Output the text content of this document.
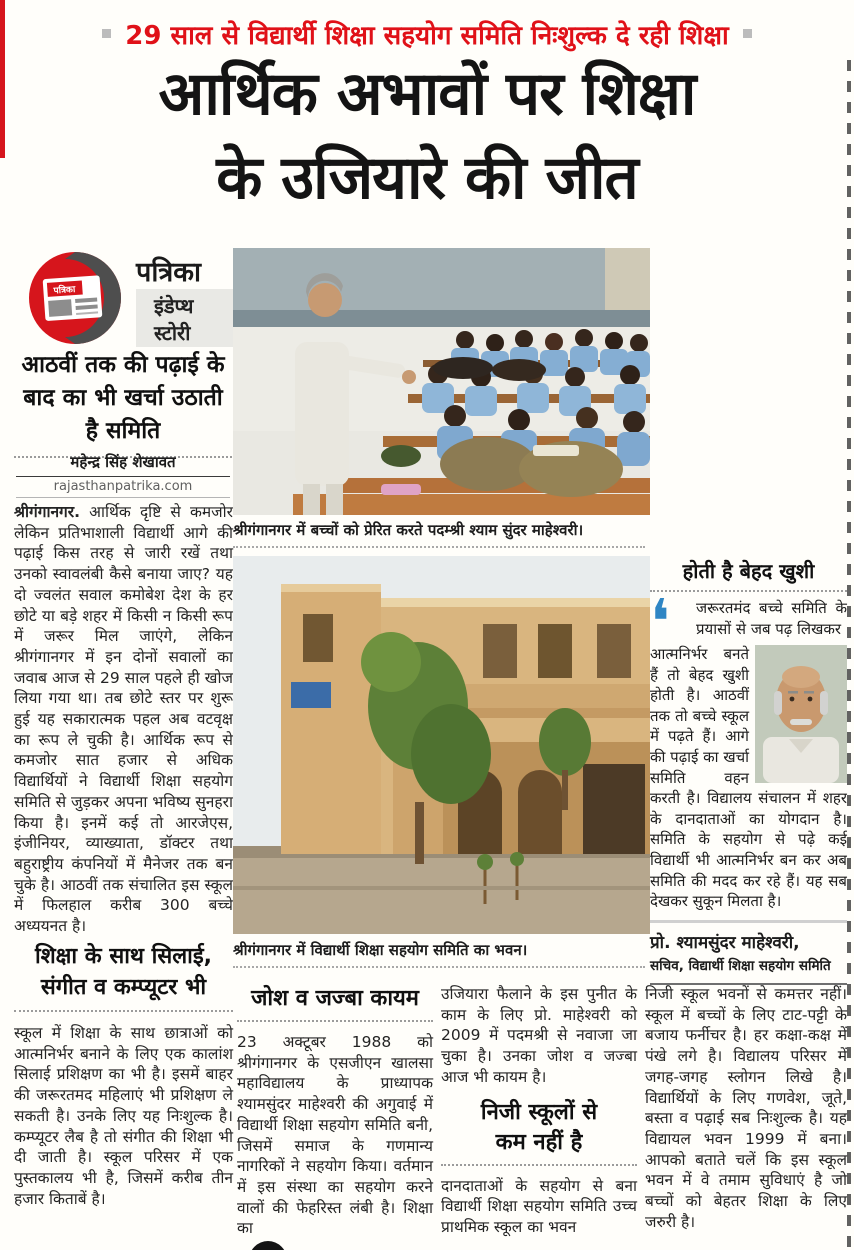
29 साल से विद्यार्थी शिक्षा सहयोग समिति निःशुल्क दे रही शिक्षा
आर्थिक अभावों पर शिक्षा
के उजियारे की जीत
पत्रिका
पत्रिका
इंडेप्थ
स्टोरी
आठवीं तक की पढ़ाई के बाद का भी खर्चा उठाती है समिति
महेन्द्र सिंह शेखावत
rajasthanpatrika.com

श्रीगंगानगर. आर्थिक दृष्टि से कमजोर लेकिन प्रतिभाशाली विद्यार्थी आगे की पढ़ाई किस तरह से जारी रखें तथा उनको स्वावलंबी कैसे बनाया जाए? यह दो ज्वलंत सवाल कमोबेश देश के हर छोटे या बड़े शहर में किसी न किसी रूप में जरूर मिल जाएंगे, लेकिन श्रीगंगानगर में इन दोनों सवालों का जवाब आज से 29 साल पहले ही खोज लिया गया था। तब छोटे स्तर पर शुरू हुई यह सकारात्मक पहल अब वटवृक्ष का रूप ले चुकी है। आर्थिक रूप से कमजोर सात हजार से अधिक विद्यार्थियों ने विद्यार्थी शिक्षा सहयोग समिति से जुड़कर अपना भविष्य सुनहरा किया है। इनमें कई तो आरजेएस, इंजीनियर, व्याख्याता, डॉक्टर तथा बहुराष्ट्रीय कंपनियों में मैनेजर तक बन चुके है। आठवीं तक संचालित इस स्कूल में फिलहाल करीब 300 बच्चे अध्ययनत है।

शिक्षा के साथ सिलाई,
संगीत व कम्प्यूटर भी

स्कूल में शिक्षा के साथ छात्राओं को आत्मनिर्भर बनाने के लिए एक कालांश सिलाई प्रशिक्षण का भी है। इसमें बाहर की जरूरतमद महिलाएं भी प्रशिक्षण ले सकती है। उनके लिए यह निःशुल्क है। कम्प्यूटर लैब है तो संगीत की शिक्षा भी दी जाती है। स्कूल परिसर में एक पुस्तकालय भी है, जिसमें करीब तीन हजार किताबें है।

श्रीगंगानगर में बच्चों को प्रेरित करते पदम्श्री श्याम सुंदर माहेश्वरी।
श्रीगंगानगर में विद्यार्थी शिक्षा सहयोग समिति का भवन।
होती है बेहद खुशी
❛	जरूरतमंद बच्चे समिति के प्रयासों से जब पढ़ लिखकर
आत्मनिर्भर बनते हैं तो बेहद खुशी होती है। आठवीं तक तो बच्चे स्कूल में पढ़ते हैं। आगे की पढ़ाई का खर्चा समिति वहन करती है। विद्यालय संचालन में शहर के दानदाताओं का योगदान है। समिति के सहयोग से पढ़े कई विद्यार्थी भी आत्मनिर्भर बन कर अब समिति की मदद कर रहे हैं। यह सब देखकर सुकून मिलता है।
प्रो. श्यामसुंदर माहेश्वरी,
सचिव, विद्यार्थी शिक्षा सहयोग समिति
जोश व जज्बा कायम

23 अक्टूबर 1988 को श्रीगंगानगर के एसजीएन खालसा महाविद्यालय के प्राध्यापक श्यामसुंदर माहेश्वरी की अगुवाई में विद्यार्थी शिक्षा सहयोग समिति बनी, जिसमें समाज के गणमान्य नागरिकों ने सहयोग किया। वर्तमान में इस संस्था का सहयोग करने वालों की फेहरिस्त लंबी है। शिक्षा का

उजियारा फैलाने के इस पुनीत के काम के लिए प्रो. माहेश्वरी को 2009 में पदमश्री से नवाजा जा चुका है। उनका जोश व जज्बा आज भी कायम है।

निजी स्कूलों से
कम नहीं है

दानदाताओं के सहयोग से बना विद्यार्थी शिक्षा सहयोग समिति उच्च प्राथमिक स्कूल का भवन

निजी स्कूल भवनों से कमत्तर नहीं। स्कूल में बच्चों के लिए टाट-पट्टी के बजाय फर्नीचर है। हर कक्षा-कक्ष में पंखे लगे है। विद्यालय परिसर में जगह-जगह स्लोगन लिखे है। विद्यार्थियों के लिए गणवेश, जूते, बस्ता व पढ़ाई सब निःशुल्क है। यह विद्यायल भवन 1999 में बना। आपको बताते चलें कि इस स्कूल भवन में वे तमाम सुविधाएं है जो बच्चों को बेहतर शिक्षा के लिए जरुरी है।
